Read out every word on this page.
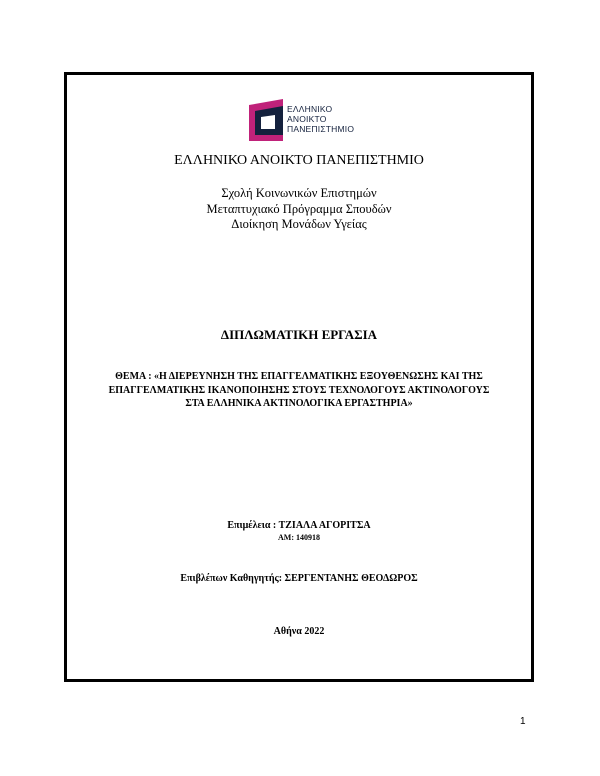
ΕΛΛΗΝΙΚΟ
ΑΝΟΙΚΤΟ
ΠΑΝΕΠΙΣΤΗΜΙΟ
ΕΛΛΗΝΙΚΟ ΑΝΟΙΚΤΟ ΠΑΝΕΠΙΣΤΗΜΙΟ
Σχολή Κοινωνικών Επιστημών
Μεταπτυχιακό Πρόγραμμα Σπουδών
Διοίκηση Μονάδων Υγείας
ΔΙΠΛΩΜΑΤΙΚΗ ΕΡΓΑΣΙΑ
ΘΕΜΑ : «Η ΔΙΕΡΕΥΝΗΣΗ ΤΗΣ ΕΠΑΓΓΕΛΜΑΤΙΚΗΣ ΕΞΟΥΘΕΝΩΣΗΣ ΚΑΙ ΤΗΣ
ΕΠΑΓΓΕΛΜΑΤΙΚΗΣ ΙΚΑΝΟΠΟΙΗΣΗΣ ΣΤΟΥΣ ΤΕΧΝΟΛΟΓΟΥΣ ΑΚΤΙΝΟΛΟΓΟΥΣ
ΣΤΑ ΕΛΛΗΝΙΚΑ ΑΚΤΙΝΟΛΟΓΙΚΑ ΕΡΓΑΣΤΗΡΙΑ»
Επιμέλεια : ΤΖΙΑΛΑ ΑΓΟΡΙΤΣΑ
ΑΜ: 140918
Επιβλέπων Καθηγητής: ΣΕΡΓΕΝΤΑΝΗΣ ΘΕΟΔΩΡΟΣ
Αθήνα 2022
1
